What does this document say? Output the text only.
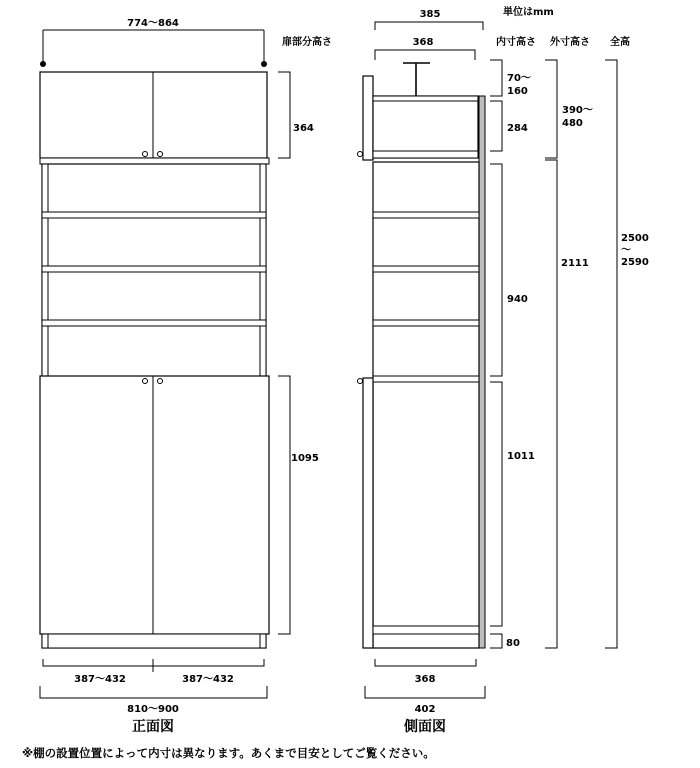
単位はmm
扉部分高さ	内寸高さ 外寸高さ 全高
774〜864
364
1095
387〜432	387〜432
810〜900
正面図
385
368
70〜
160
284
940
1011
80
390〜
480
2111
2500
〜
2590
368
402
側面図
※棚の設置位置によって内寸は異なります。あくまで目安としてご覧ください。
